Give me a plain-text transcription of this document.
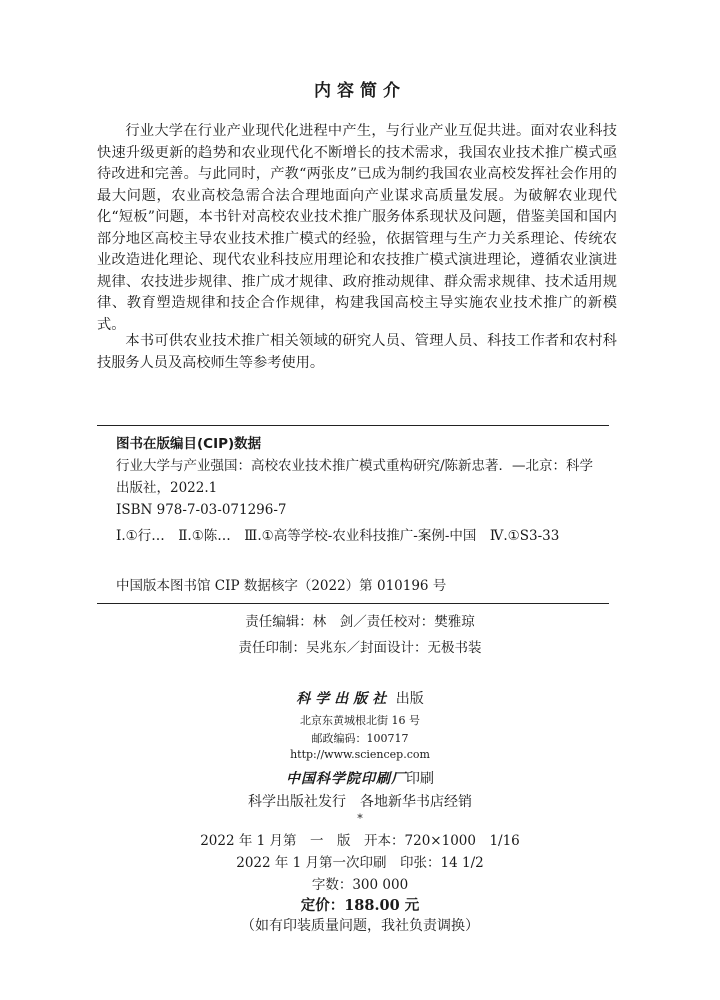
内容简介

行业大学在行业产业现代化进程中产生，与行业产业互促共进。面对农业科技快速升级更新的趋势和农业现代化不断增长的技术需求，我国农业技术推广模式亟待改进和完善。与此同时，产教“两张皮”已成为制约我国农业高校发挥社会作用的最大问题，农业高校急需合法合理地面向产业谋求高质量发展。为破解农业现代化“短板”问题，本书针对高校农业技术推广服务体系现状及问题，借鉴美国和国内部分地区高校主导农业技术推广模式的经验，依据管理与生产力关系理论、传统农业改造进化理论、现代农业科技应用理论和农技推广模式演进理论，遵循农业演进规律、农技进步规律、推广成才规律、政府推动规律、群众需求规律、技术适用规律、教育塑造规律和技企合作规律，构建我国高校主导实施农业技术推广的新模式。

本书可供农业技术推广相关领域的研究人员、管理人员、科技工作者和农村科技服务人员及高校师生等参考使用。

图书在版编目(CIP)数据

行业大学与产业强国：高校农业技术推广模式重构研究/陈新忠著．—北京：科学出版社，2022.1

ISBN 978-7-03-071296-7

Ⅰ.①行…　Ⅱ.①陈…　Ⅲ.①高等学校-农业科技推广-案例-中国　Ⅳ.①S3-33

中国版本图书馆 CIP 数据核字（2022）第 010196 号

责任编辑：林　剑／责任校对：樊雅琼
责任印制：吴兆东／封面设计：无极书装
科学出版社 出版
北京东黄城根北街 16 号
邮政编码：100717
http://www.sciencep.com
中国科学院印刷厂印刷
科学出版社发行　各地新华书店经销
*
2022 年 1 月第　一　版　开本：720×1000　1/16
2022 年 1 月第一次印刷　印张：14 1/2
字数：300 000
定价：188.00 元
（如有印装质量问题，我社负责调换）
